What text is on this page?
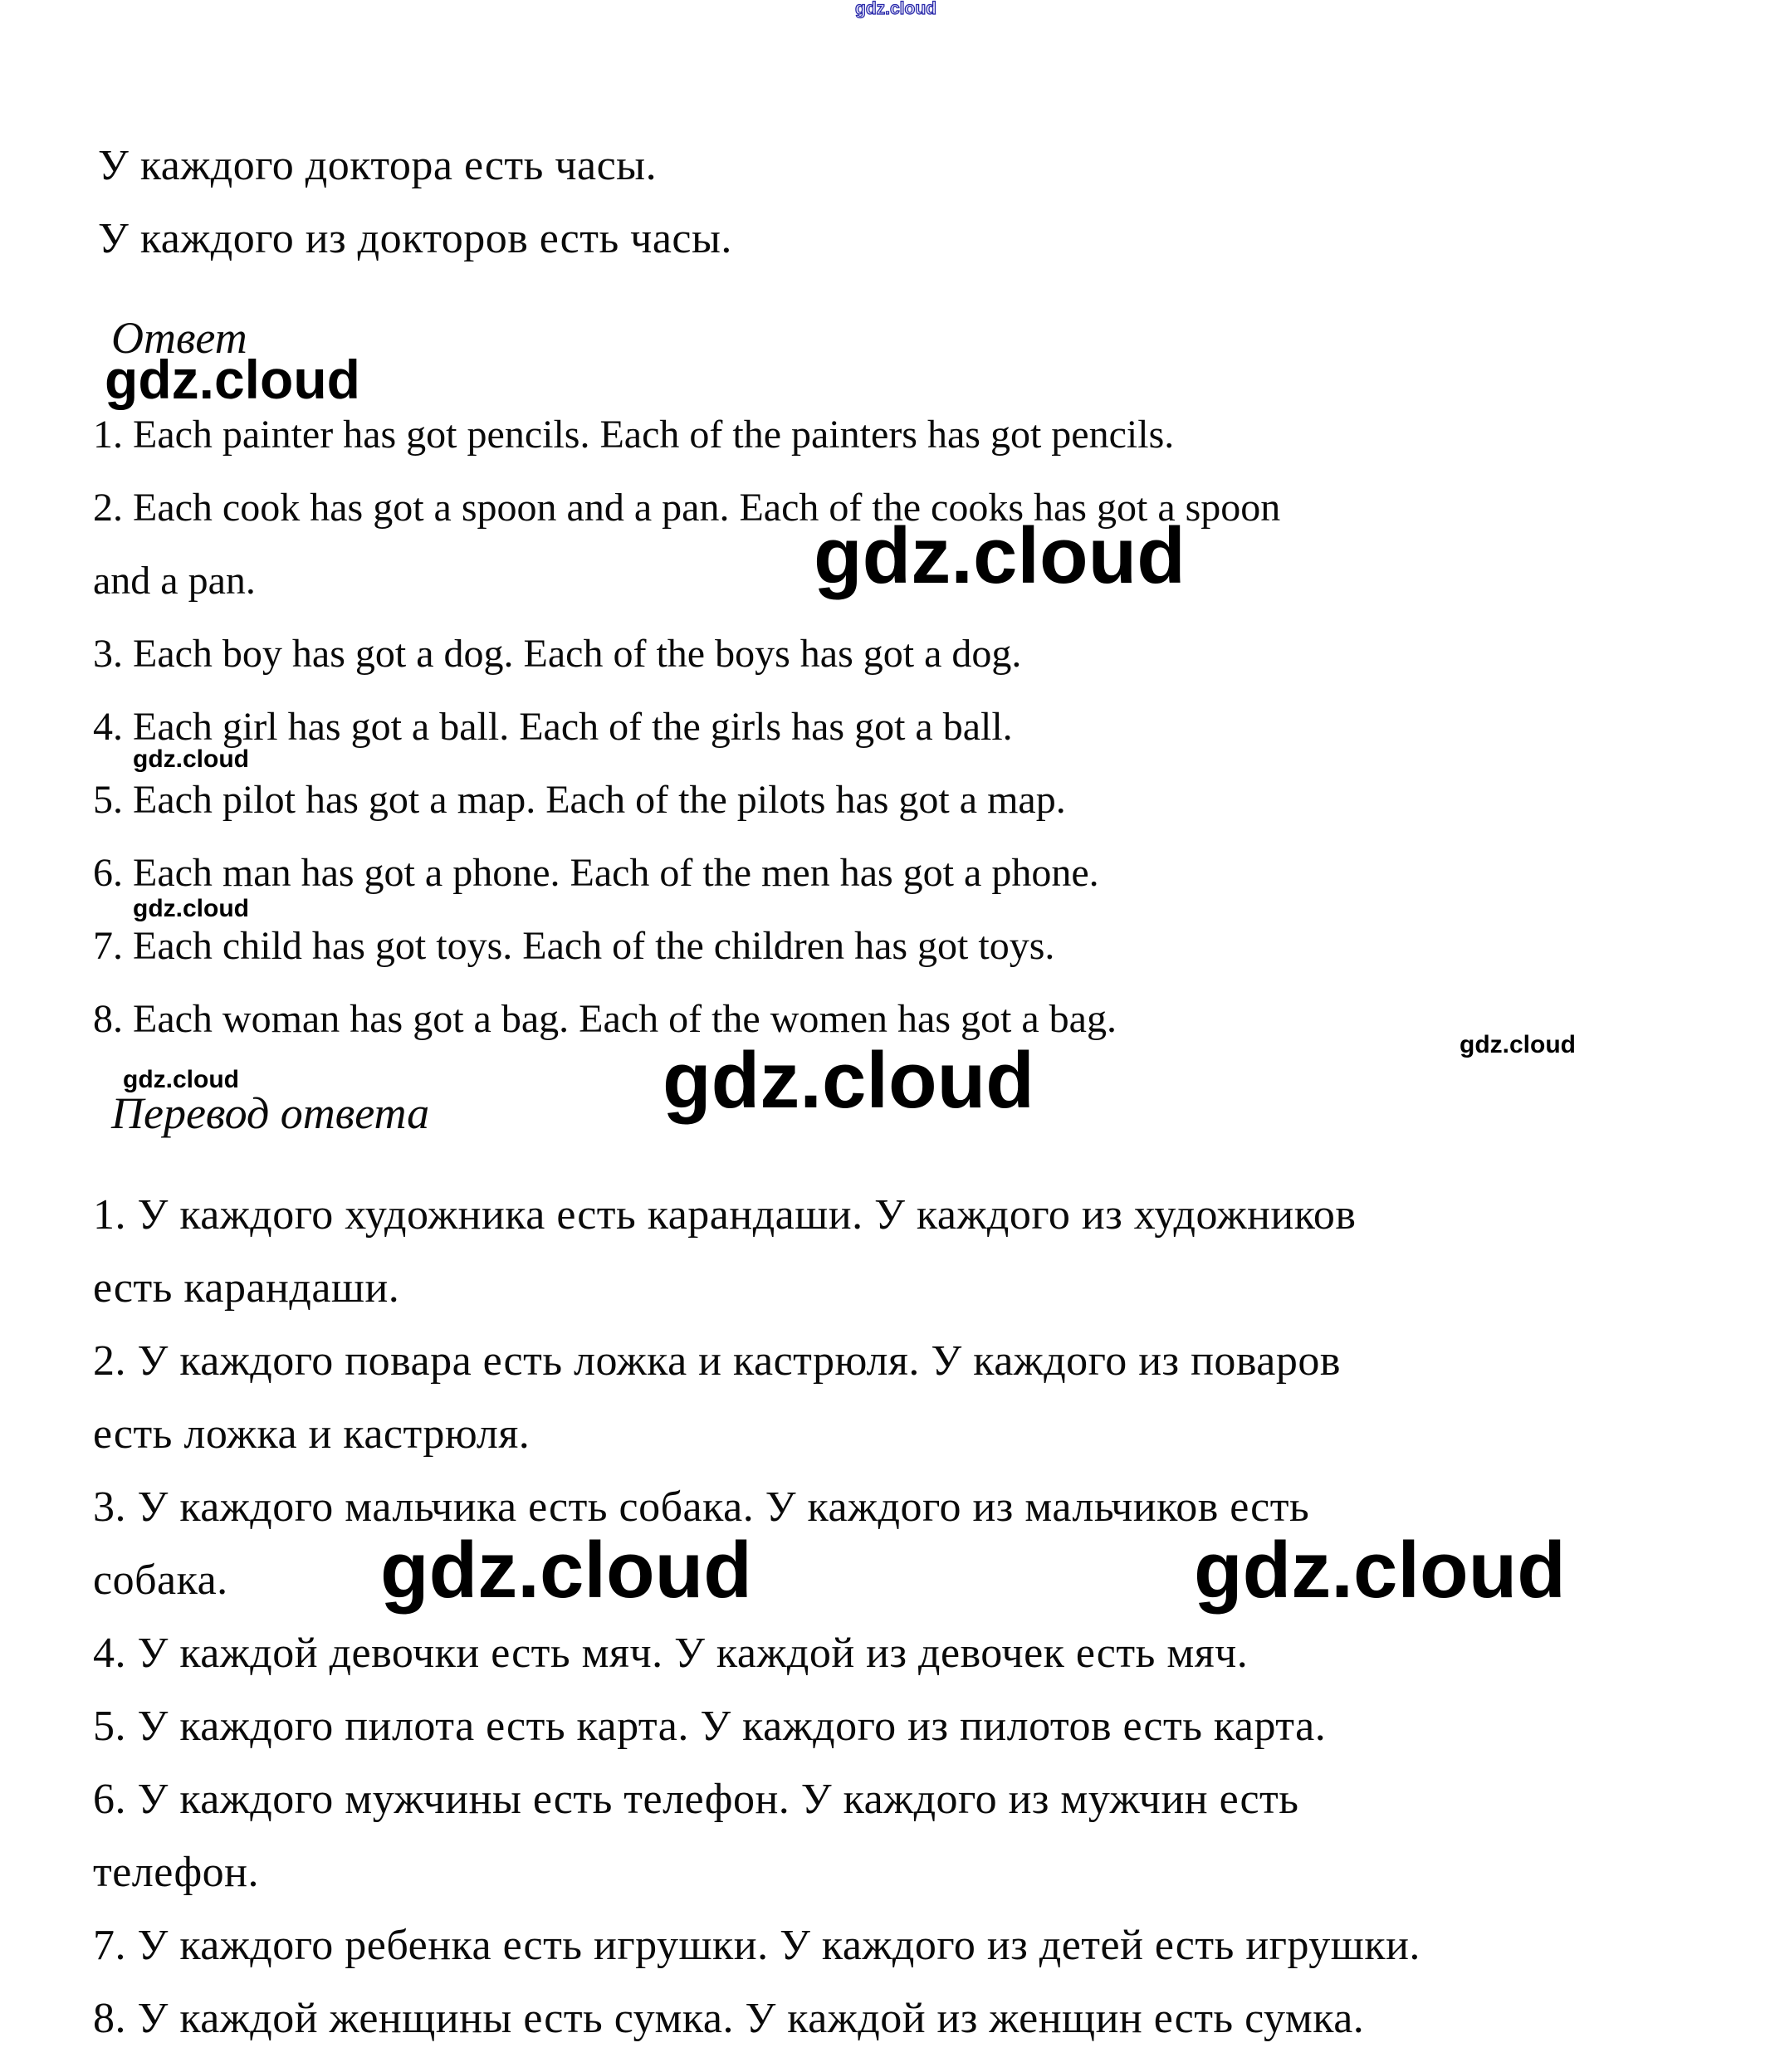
gdz.cloud
У каждого доктора есть часы.
У каждого из докторов есть часы.
Ответ
gdz.cloud
1. Each painter has got pencils. Each of the painters has got pencils.
2. Each cook has got a spoon and a pan. Each of the cooks has got a spoon
and a pan.
3. Each boy has got a dog. Each of the boys has got a dog.
4. Each girl has got a ball. Each of the girls has got a ball.
5. Each pilot has got a map. Each of the pilots has got a map.
6. Each man has got a phone. Each of the men has got a phone.
7. Each child has got toys. Each of the children has got toys.
8. Each woman has got a bag. Each of the women has got a bag.
gdz.cloud
gdz.cloud
gdz.cloud
gdz.cloud
gdz.cloud
gdz.cloud
Перевод ответа
1. У каждого художника есть карандаши. У каждого из художников
есть карандаши.
2. У каждого повара есть ложка и кастрюля. У каждого из поваров
есть ложка и кастрюля.
3. У каждого мальчика есть собака. У каждого из мальчиков есть
собака.
4. У каждой девочки есть мяч. У каждой из девочек есть мяч.
5. У каждого пилота есть карта. У каждого из пилотов есть карта.
6. У каждого мужчины есть телефон. У каждого из мужчин есть
телефон.
7. У каждого ребенка есть игрушки. У каждого из детей есть игрушки.
8. У каждой женщины есть сумка. У каждой из женщин есть сумка.
gdz.cloud	gdz.cloud
